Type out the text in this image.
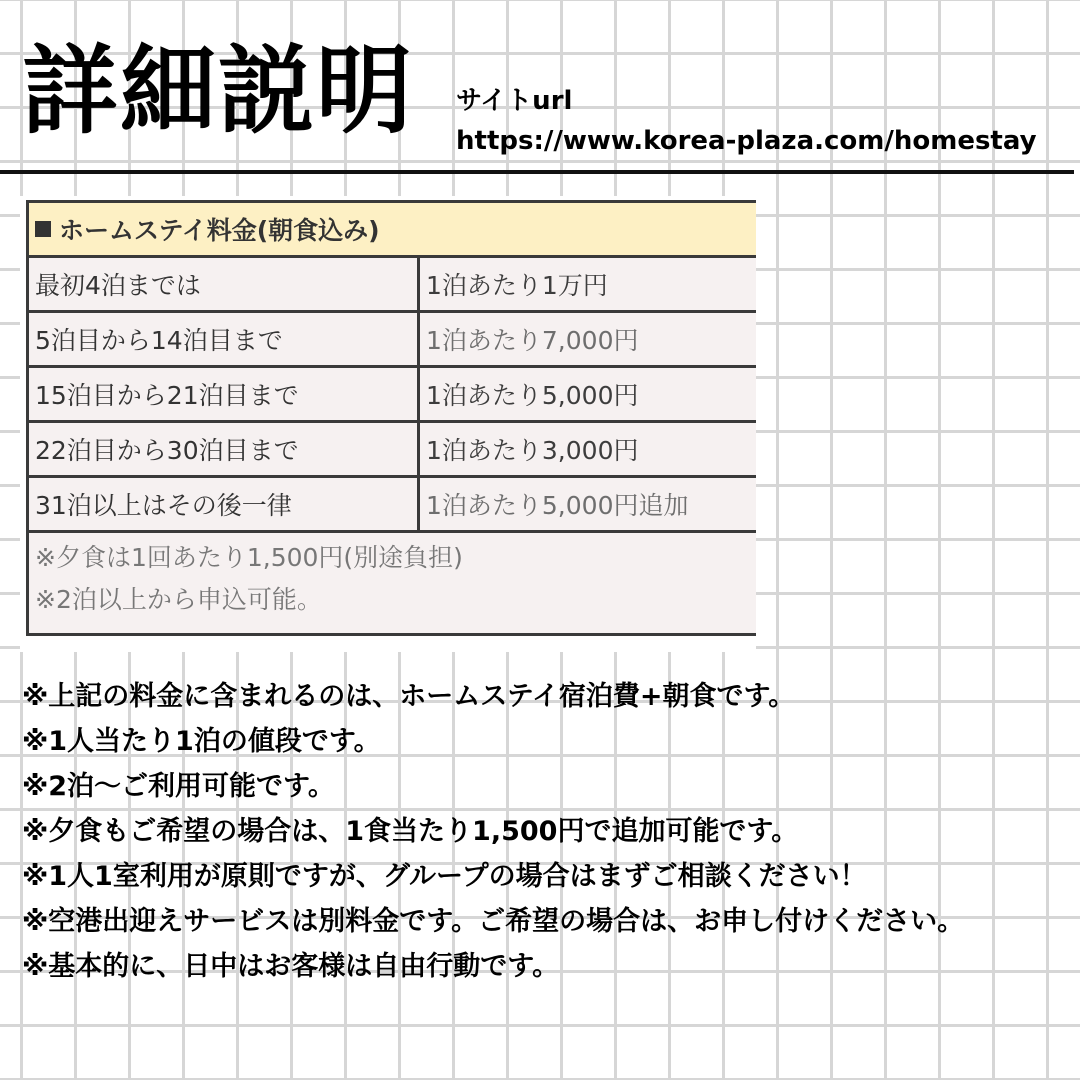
詳細説明 サイトurl
https://www.korea-plaza.com/homestay
ホームステイ料金(朝食込み)	
最初4泊までは	1泊あたり1万円
5泊目から14泊目まで	1泊あたり7,000円
15泊目から21泊目まで	1泊あたり5,000円
22泊目から30泊目まで	1泊あたり3,000円
31泊以上はその後一律	1泊あたり5,000円追加

※夕食は1回あたり1,500円(別途負担)
※2泊以上から申込可能。	

※上記の料金に含まれるのは、ホームステイ宿泊費+朝食です。

※1人当たり1泊の値段です。

※2泊〜ご利用可能です。

※夕食もご希望の場合は、1食当たり1,500円で追加可能です。

※1人1室利用が原則ですが、グループの場合はまずご相談ください！

※空港出迎えサービスは別料金です。ご希望の場合は、お申し付けください。

※基本的に、日中はお客様は自由行動です。
